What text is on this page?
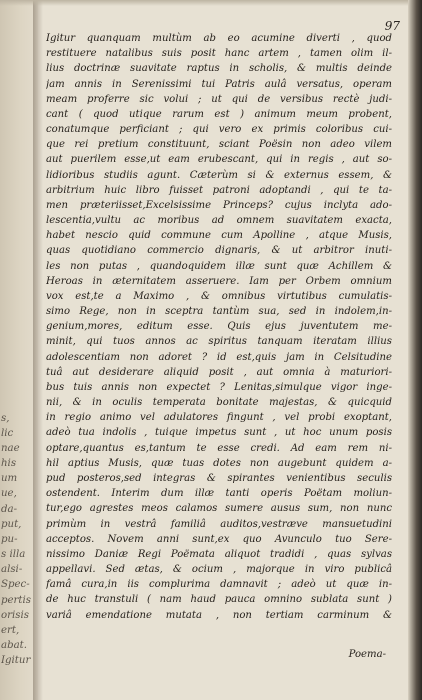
s,
lic
nae
his
um
ue,
da-
put,
pu-
s illa
alsi-
Spec-
pertis
orisis
ert,
abat.
Igitur
97
Igitur quanquam multùm ab eo acumine diverti , quod
restituere natalibus suis posit hanc artem , tamen olim il-
lius doctrinæ suavitate raptus in scholis, & multis deinde
jam annis in Serenissimi tui Patris aulâ versatus, operam
meam proferre sic volui ; ut qui de versibus rectè judi-
cant ( quod utique rarum est ) animum meum probent,
conatumque perficiant ; qui vero ex primis coloribus cui-
que rei pretium constituunt, sciant Poësin non adeo vilem
aut puerilem esse,ut eam erubescant, qui in regis , aut so-
lidioribus studiis agunt. Cæterùm si & externus essem, &
arbitrium huic libro fuisset patroni adoptandi , qui te ta-
men præteriisset,Excelsissime Princeps? cujus inclyta ado-
lescentia,vultu ac moribus ad omnem suavitatem exacta,
habet nescio quid commune cum Apolline , atque Musis,
quas quotidiano commercio dignaris, & ut arbitror inuti-
les non putas , quandoquidem illæ sunt quæ Achillem &
Heroas in æternitatem asseruere. Iam per Orbem omnium
vox est,te a Maximo , & omnibus virtutibus cumulatis-
simo Rege, non in sceptra tantùm sua, sed in indolem,in-
genium,mores, editum esse. Quis ejus juventutem me-
minit, qui tuos annos ac spiritus tanquam iteratam illius
adolescentiam non adoret ? id est,quis jam in Celsitudine
tuâ aut desiderare aliquid posit , aut omnia à maturiori-
bus tuis annis non expectet ? Lenitas,simulque vigor inge-
nii, & in oculis temperata bonitate majestas, & quicquid
in regio animo vel adulatores fingunt , vel probi exoptant,
adeò tua indolis , tuique impetus sunt , ut hoc unum posis
optare,quantus es,tantum te esse credi. Ad eam rem ni-
hil aptius Musis, quæ tuas dotes non augebunt quidem a-
pud posteros,sed integras & spirantes venientibus seculis
ostendent. Interim dum illæ tanti operis Poëtam moliun-
tur,ego agrestes meos calamos sumere ausus sum, non nunc
primùm in vestrâ familiâ auditos,vestræve mansuetudini
acceptos. Novem anni sunt,ex quo Avunculo tuo Sere-
nissimo Daniæ Regi Poëmata aliquot tradidi , quas sylvas
appellavi. Sed ætas, & ocium , majorque in viro publicâ
famâ cura,in iis complurima damnavit ; adeò ut quæ in-
de huc transtuli ( nam haud pauca omnino sublata sunt )
variâ emendatione mutata , non tertiam carminum &
Poema-
